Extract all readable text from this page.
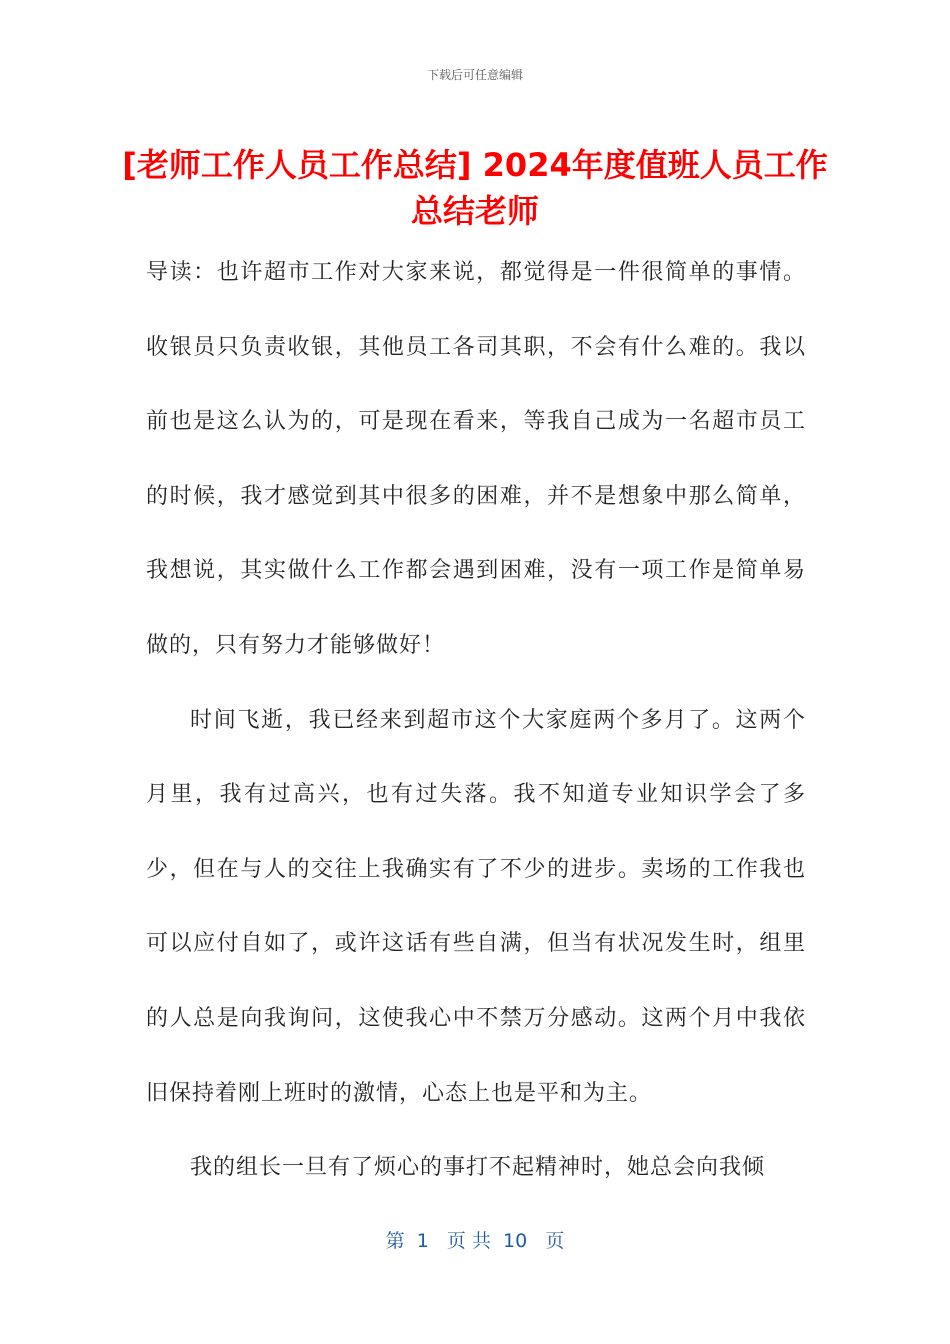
下载后可任意编辑
[老师工作人员工作总结] 2024年度值班人员工作总结老师

导读：也许超市工作对大家来说，都觉得是一件很简单的事情。收银员只负责收银，其他员工各司其职，不会有什么难的。我以前也是这么认为的，可是现在看来，等我自己成为一名超市员工的时候，我才感觉到其中很多的困难，并不是想象中那么简单，我想说，其实做什么工作都会遇到困难，没有一项工作是简单易做的，只有努力才能够做好！

时间飞逝，我已经来到超市这个大家庭两个多月了。这两个月里，我有过高兴，也有过失落。我不知道专业知识学会了多少，但在与人的交往上我确实有了不少的进步。卖场的工作我也可以应付自如了，或许这话有些自满，但当有状况发生时，组里的人总是向我询问，这使我心中不禁万分感动。这两个月中我依旧保持着刚上班时的激情，心态上也是平和为主。

我的组长一旦有了烦心的事打不起精神时，她总会向我倾

第  1   页 共  10   页
